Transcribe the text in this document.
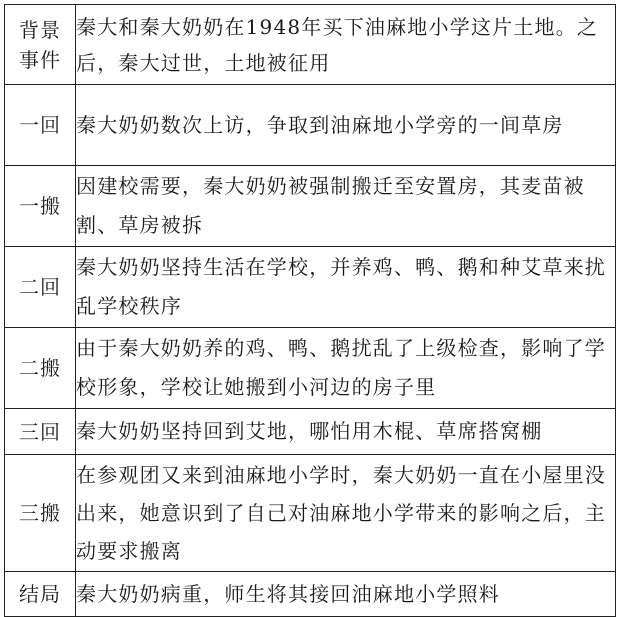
背景
事件	秦大和秦大奶奶在1948年买下油麻地小学这片土地。之后，秦大过世，土地被征用
一回	秦大奶奶数次上访，争取到油麻地小学旁的一间草房
一搬	因建校需要，秦大奶奶被强制搬迁至安置房，其麦苗被割、草房被拆
二回	秦大奶奶坚持生活在学校，并养鸡、鸭、鹅和种艾草来扰乱学校秩序
二搬	由于秦大奶奶养的鸡、鸭、鹅扰乱了上级检查，影响了学校形象，学校让她搬到小河边的房子里
三回	秦大奶奶坚持回到艾地，哪怕用木棍、草席搭窝棚
三搬	在参观团又来到油麻地小学时，秦大奶奶一直在小屋里没出来，她意识到了自己对油麻地小学带来的影响之后，主动要求搬离
结局	秦大奶奶病重，师生将其接回油麻地小学照料
